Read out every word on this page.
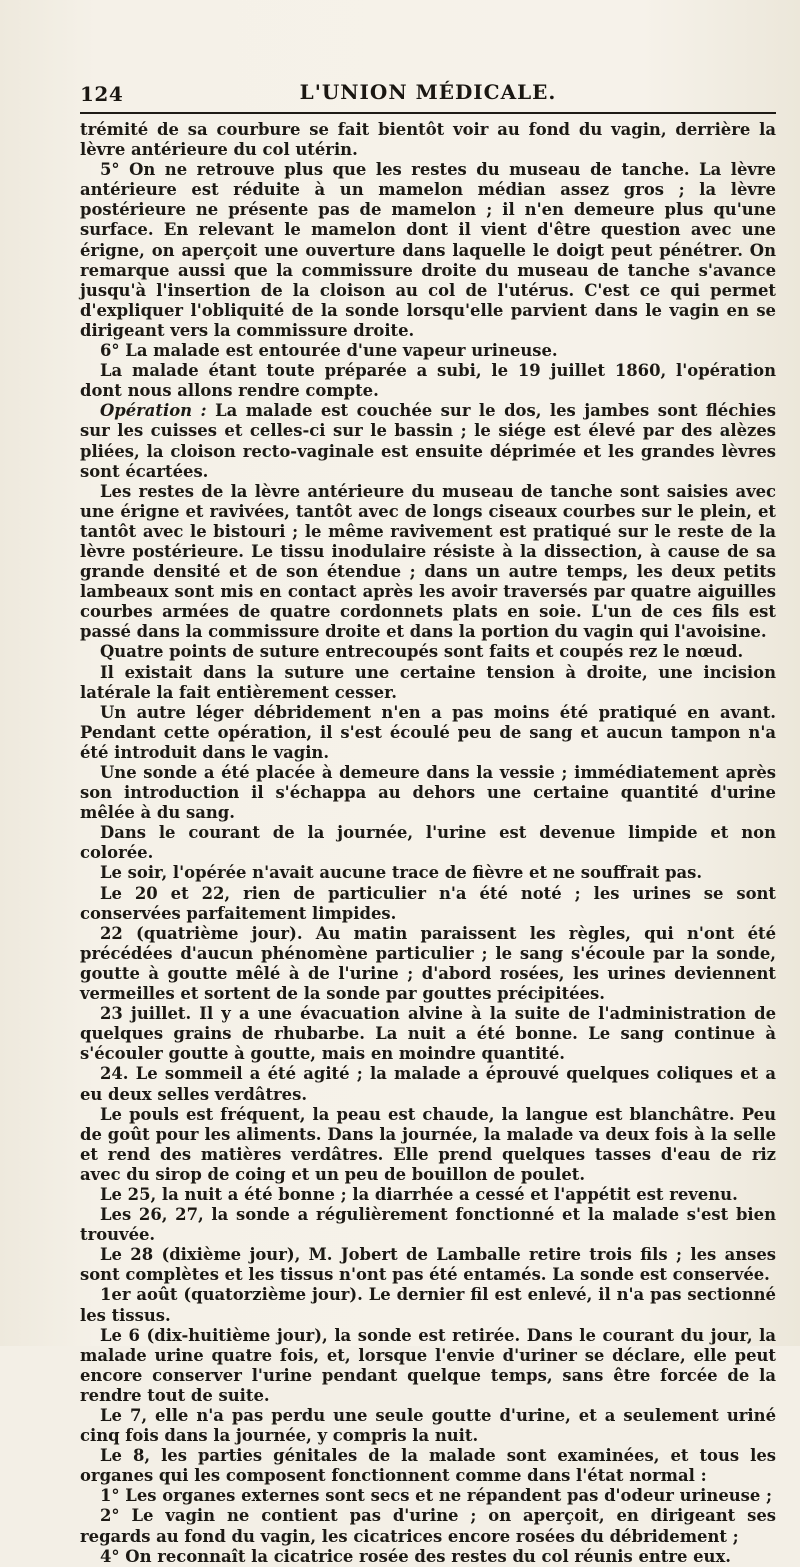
124	L'UNION MÉDICALE.

trémité de sa courbure se fait bientôt voir au fond du vagin, derrière la lèvre antérieure du col utérin.

5° On ne retrouve plus que les restes du museau de tanche. La lèvre antérieure est réduite à un mamelon médian assez gros ; la lèvre postérieure ne présente pas de mamelon ; il n'en demeure plus qu'une surface. En relevant le mamelon dont il vient d'être question avec une érigne, on aperçoit une ouverture dans laquelle le doigt peut pénétrer. On remarque aussi que la commissure droite du museau de tanche s'avance jusqu'à l'insertion de la cloison au col de l'utérus. C'est ce qui permet d'expliquer l'obliquité de la sonde lorsqu'elle parvient dans le vagin en se dirigeant vers la commissure droite.

6° La malade est entourée d'une vapeur urineuse.

La malade étant toute préparée a subi, le 19 juillet 1860, l'opération dont nous allons rendre compte.

Opération : La malade est couchée sur le dos, les jambes sont fléchies sur les cuisses et celles-ci sur le bassin ; le siége est élevé par des alèzes pliées, la cloison recto-vaginale est ensuite déprimée et les grandes lèvres sont écartées.

Les restes de la lèvre antérieure du museau de tanche sont saisies avec une érigne et ravivées, tantôt avec de longs ciseaux courbes sur le plein, et tantôt avec le bistouri ; le même ravivement est pratiqué sur le reste de la lèvre postérieure. Le tissu inodulaire résiste à la dissection, à cause de sa grande densité et de son étendue ; dans un autre temps, les deux petits lambeaux sont mis en contact après les avoir traversés par quatre aiguilles courbes armées de quatre cordonnets plats en soie. L'un de ces fils est passé dans la commissure droite et dans la portion du vagin qui l'avoisine.

Quatre points de suture entrecoupés sont faits et coupés rez le nœud.

Il existait dans la suture une certaine tension à droite, une incision latérale la fait entièrement cesser.

Un autre léger débridement n'en a pas moins été pratiqué en avant. Pendant cette opération, il s'est écoulé peu de sang et aucun tampon n'a été introduit dans le vagin.

Une sonde a été placée à demeure dans la vessie ; immédiatement après son introduction il s'échappa au dehors une certaine quantité d'urine mêlée à du sang.

Dans le courant de la journée, l'urine est devenue limpide et non colorée.

Le soir, l'opérée n'avait aucune trace de fièvre et ne souffrait pas.

Le 20 et 22, rien de particulier n'a été noté ; les urines se sont conservées parfaitement limpides.

22 (quatrième jour). Au matin paraissent les règles, qui n'ont été précédées d'aucun phénomène particulier ; le sang s'écoule par la sonde, goutte à goutte mêlé à de l'urine ; d'abord rosées, les urines deviennent vermeilles et sortent de la sonde par gouttes précipitées.

23 juillet. Il y a une évacuation alvine à la suite de l'administration de quelques grains de rhubarbe. La nuit a été bonne. Le sang continue à s'écouler goutte à goutte, mais en moindre quantité.

24. Le sommeil a été agité ; la malade a éprouvé quelques coliques et a eu deux selles verdâtres.

Le pouls est fréquent, la peau est chaude, la langue est blanchâtre. Peu de goût pour les aliments. Dans la journée, la malade va deux fois à la selle et rend des matières verdâtres. Elle prend quelques tasses d'eau de riz avec du sirop de coing et un peu de bouillon de poulet.

Le 25, la nuit a été bonne ; la diarrhée a cessé et l'appétit est revenu.

Les 26, 27, la sonde a régulièrement fonctionné et la malade s'est bien trouvée.

Le 28 (dixième jour), M. Jobert de Lamballe retire trois fils ; les anses sont complètes et les tissus n'ont pas été entamés. La sonde est conservée.

1er août (quatorzième jour). Le dernier fil est enlevé, il n'a pas sectionné les tissus.

Le 6 (dix-huitième jour), la sonde est retirée. Dans le courant du jour, la malade urine quatre fois, et, lorsque l'envie d'uriner se déclare, elle peut encore conserver l'urine pendant quelque temps, sans être forcée de la rendre tout de suite.

Le 7, elle n'a pas perdu une seule goutte d'urine, et a seulement uriné cinq fois dans la journée, y compris la nuit.

Le 8, les parties génitales de la malade sont examinées, et tous les organes qui les composent fonctionnent comme dans l'état normal :

1° Les organes externes sont secs et ne répandent pas d'odeur urineuse ;

2° Le vagin ne contient pas d'urine ; on aperçoit, en dirigeant ses regards au fond du vagin, les cicatrices encore rosées du débridement ;

4° On reconnaît la cicatrice rosée des restes du col réunis entre eux.
